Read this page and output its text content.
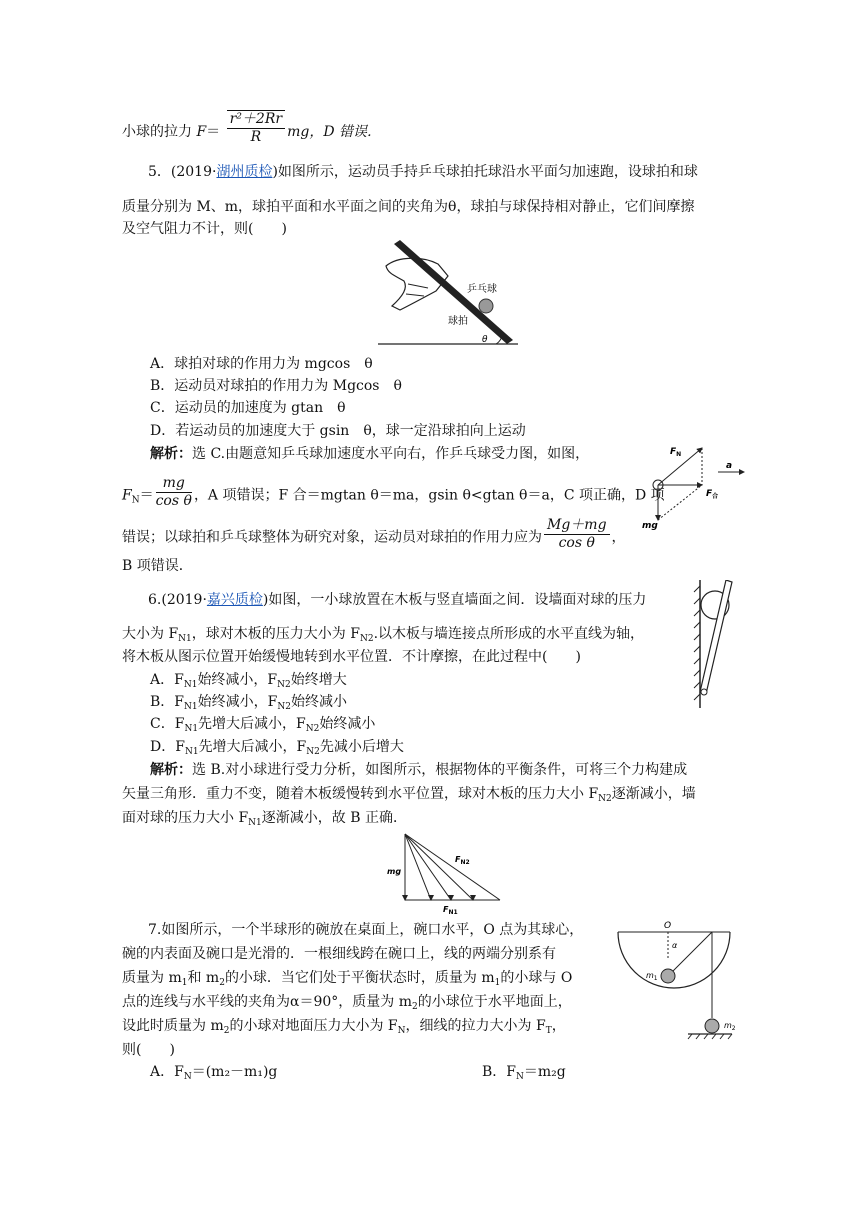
小球的拉力 $F= \frac{\text{r²＋2Rr}}{R}$ mg，D 错误．
5．(2019·湖州质检)如图所示，运动员手持乒乓球拍托球沿水平面匀加速跑，设球拍和球
质量分别为 M、m，球拍平面和水平面之间的夹角为θ，球拍与球保持相对静止，它们间摩擦
及空气阻力不计，则(　　)
乒乓球
球拍
θ
A．球拍对球的作用力为 mgcos　θ
B．运动员对球拍的作用力为 Mgcos　θ
C．运动员的加速度为 gtan　θ
D．若运动员的加速度大于 gsin　θ，球一定沿球拍向上运动
解析：选 C.由题意知乒乓球加速度水平向右，作乒乓球受力图，如图，
$F_N= \frac{mg}{\text{cos θ}}$ ，A 项错误；F 合＝mgtan θ＝ma，gsin θ<gtan θ＝a，C 项正确，D 项
错误；以球拍和乒乓球整体为研究对象，运动员对球拍的作用力应为 $\frac{Mg+mg}{\text{cos θ}}$ ，
B 项错误．
$F_N$
a
$F_合$
mg
6.(2019·嘉兴质检)如图，一小球放置在木板与竖直墙面之间．设墙面对球的压力
大小为 $F_{N1}$，球对木板的压力大小为 $F_{N2}$.以木板与墙连接点所形成的水平直线为轴，
将木板从图示位置开始缓慢地转到水平位置．不计摩擦，在此过程中(　　)
A．$F_{N1}$始终减小，$F_{N2}$始终增大
B．$F_{N1}$始终减小，$F_{N2}$始终减小
C．$F_{N1}$先增大后减小，$F_{N2}$始终减小
D．$F_{N1}$先增大后减小，$F_{N2}$先减小后增大
解析：选 B.对小球进行受力分析，如图所示，根据物体的平衡条件，可将三个力构建成
矢量三角形．重力不变，随着木板缓慢转到水平位置，球对木板的压力大小 $F_{N2}$逐渐减小，墙
面对球的压力大小 $F_{N1}$逐渐减小，故 B 正确．
mg
$F_{N2}$
$F_{N1}$
7.如图所示，一个半球形的碗放在桌面上，碗口水平，O 点为其球心，
碗的内表面及碗口是光滑的．一根细线跨在碗口上，线的两端分别系有
质量为 $m_1$和 $m_2$的小球．当它们处于平衡状态时，质量为 $m_1$的小球与 O
点的连线与水平线的夹角为α＝90°，质量为 $m_2$的小球位于水平地面上，
设此时质量为 $m_2$的小球对地面压力大小为 $F_N$，细线的拉力大小为 $F_T$，
则(　　)
A．$F_N=(m_2-m_1)g$	B．$F_N=m_2g$
O
α
$m_1$
$m_2$
